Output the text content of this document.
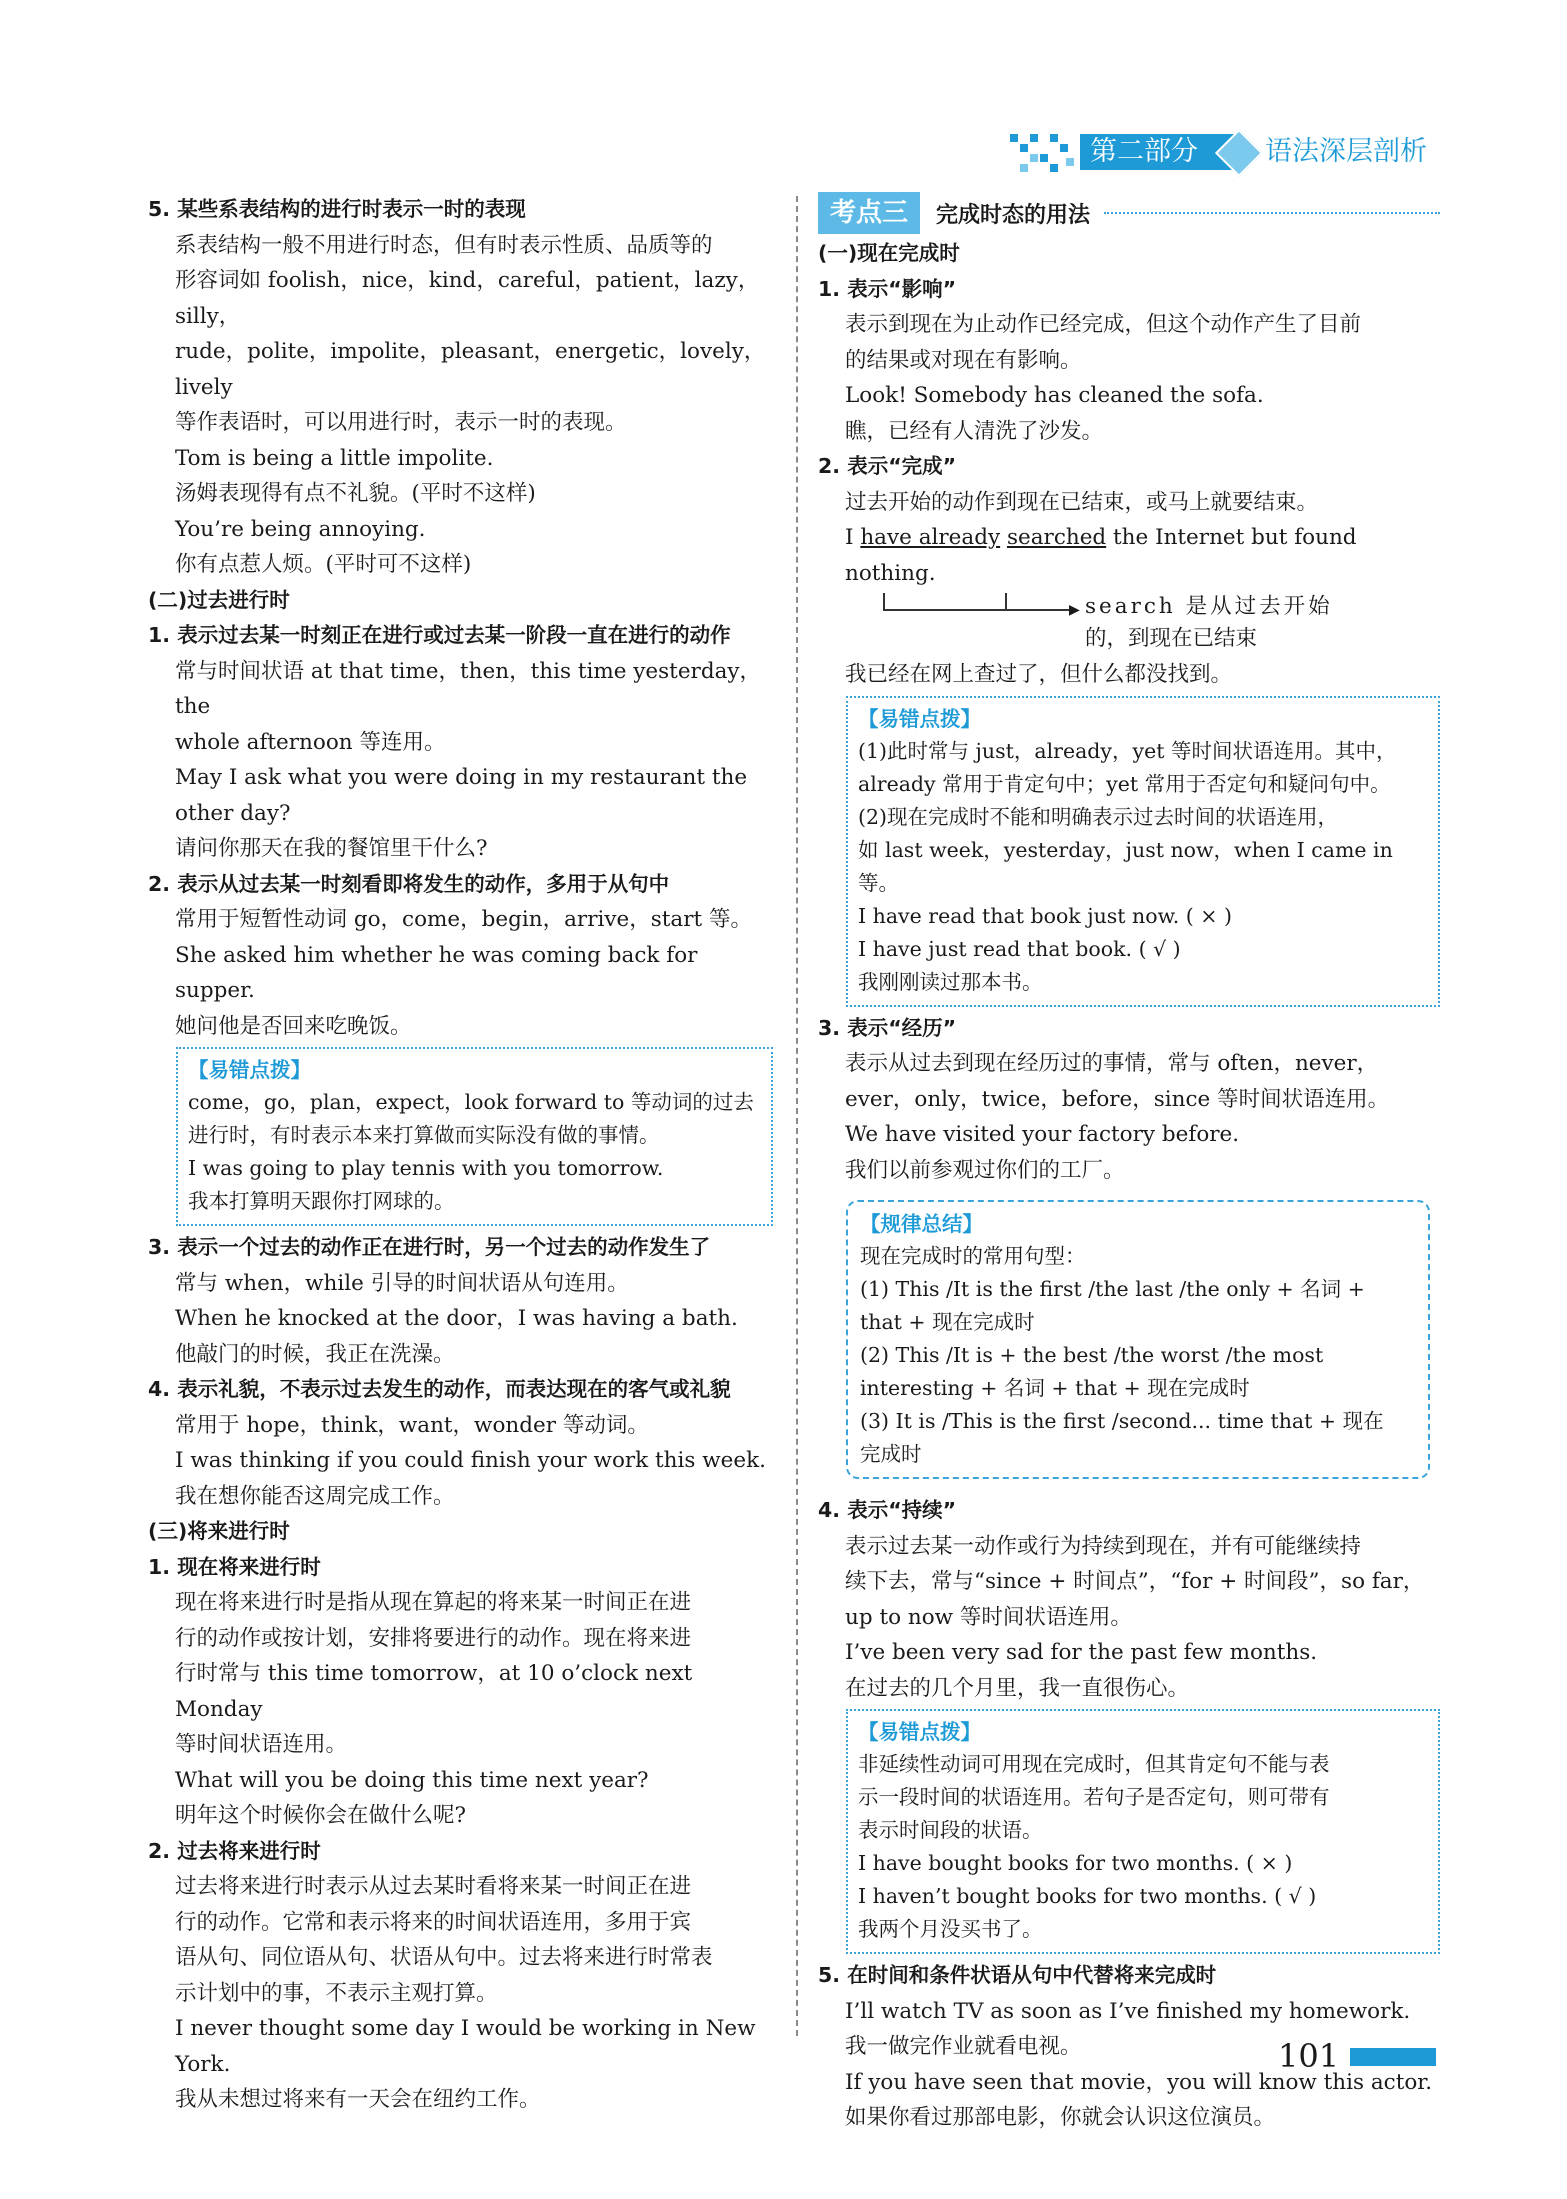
第二部分	语法深层剖析

5. 某些系表结构的进行时表示一时的表现

系表结构一般不用进行时态，但有时表示性质、品质等的

形容词如 foolish，nice，kind，careful，patient，lazy，silly，

rude，polite，impolite，pleasant，energetic，lovely，lively

等作表语时，可以用进行时，表示一时的表现。

Tom is being a little impolite.

汤姆表现得有点不礼貌。(平时不这样)

You’re being annoying.

你有点惹人烦。(平时可不这样)

(二)过去进行时

1. 表示过去某一时刻正在进行或过去某一阶段一直在进行的动作

常与时间状语 at that time，then，this time yesterday，the

whole afternoon 等连用。

May I ask what you were doing in my restaurant the

other day?

请问你那天在我的餐馆里干什么?

2. 表示从过去某一时刻看即将发生的动作，多用于从句中

常用于短暂性动词 go，come，begin，arrive，start 等。

She asked him whether he was coming back for supper.

她问他是否回来吃晚饭。

【易错点拨】

come，go，plan，expect，look forward to 等动词的过去

进行时，有时表示本来打算做而实际没有做的事情。

I was going to play tennis with you tomorrow.

我本打算明天跟你打网球的。

3. 表示一个过去的动作正在进行时，另一个过去的动作发生了

常与 when，while 引导的时间状语从句连用。

When he knocked at the door，I was having a bath.

他敲门的时候，我正在洗澡。

4. 表示礼貌，不表示过去发生的动作，而表达现在的客气或礼貌

常用于 hope，think，want，wonder 等动词。

I was thinking if you could finish your work this week.

我在想你能否这周完成工作。

(三)将来进行时

1. 现在将来进行时

现在将来进行时是指从现在算起的将来某一时间正在进

行的动作或按计划，安排将要进行的动作。现在将来进

行时常与 this time tomorrow，at 10 o’clock next Monday

等时间状语连用。

What will you be doing this time next year?

明年这个时候你会在做什么呢?

2. 过去将来进行时

过去将来进行时表示从过去某时看将来某一时间正在进

行的动作。它常和表示将来的时间状语连用，多用于宾

语从句、同位语从句、状语从句中。过去将来进行时常表

示计划中的事，不表示主观打算。

I never thought some day I would be working in New York.

我从未想过将来有一天会在纽约工作。

考点三	完成时态的用法

(一)现在完成时

1. 表示“影响”

表示到现在为止动作已经完成，但这个动作产生了目前

的结果或对现在有影响。

Look! Somebody has cleaned the sofa.

瞧，已经有人清洗了沙发。

2. 表示“完成”

过去开始的动作到现在已结束，或马上就要结束。

I have already searched the Internet but found nothing.

▶ search 是从过去开始
的，到现在已结束

我已经在网上查过了，但什么都没找到。

【易错点拨】

(1)此时常与 just，already，yet 等时间状语连用。其中，

already 常用于肯定句中；yet 常用于否定句和疑问句中。

(2)现在完成时不能和明确表示过去时间的状语连用，

如 last week，yesterday，just now，when I came in 等。

I have read that book just now. ( × )

I have just read that book. ( √ )

我刚刚读过那本书。

3. 表示“经历”

表示从过去到现在经历过的事情，常与 often，never，

ever，only，twice，before，since 等时间状语连用。

We have visited your factory before.

我们以前参观过你们的工厂。

【规律总结】

现在完成时的常用句型：

(1) This /It is the first /the last /the only + 名词 +

that + 现在完成时

(2) This /It is + the best /the worst /the most

interesting + 名词 + that + 现在完成时

(3) It is /This is the first /second... time that + 现在

完成时

4. 表示“持续”

表示过去某一动作或行为持续到现在，并有可能继续持

续下去，常与“since + 时间点”，“for + 时间段”，so far，

up to now 等时间状语连用。

I’ve been very sad for the past few months.

在过去的几个月里，我一直很伤心。

【易错点拨】

非延续性动词可用现在完成时，但其肯定句不能与表

示一段时间的状语连用。若句子是否定句，则可带有

表示时间段的状语。

I have bought books for two months. ( × )

I haven’t bought books for two months. ( √ )

我两个月没买书了。

5. 在时间和条件状语从句中代替将来完成时

I’ll watch TV as soon as I’ve finished my homework.

我一做完作业就看电视。

If you have seen that movie，you will know this actor.

如果你看过那部电影，你就会认识这位演员。

101
